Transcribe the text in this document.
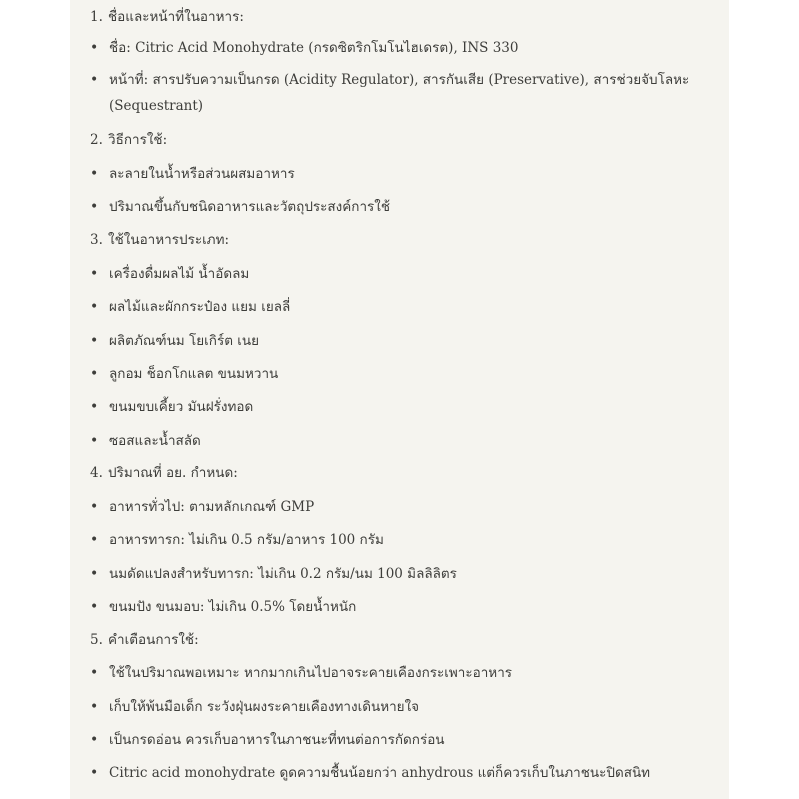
1. ชื่อและหน้าที่ในอาหาร:
• ชื่อ: Citric Acid Monohydrate (กรดซิตริกโมโนไฮเดรต), INS 330
• หน้าที่: สารปรับความเป็นกรด (Acidity Regulator), สารกันเสีย (Preservative), สารช่วยจับโลหะ (Sequestrant)
2. วิธีการใช้:
• ละลายในน้ำหรือส่วนผสมอาหาร
• ปริมาณขึ้นกับชนิดอาหารและวัตถุประสงค์การใช้
3. ใช้ในอาหารประเภท:
• เครื่องดื่มผลไม้ น้ำอัดลม
• ผลไม้และผักกระป๋อง แยม เยลลี่
• ผลิตภัณฑ์นม โยเกิร์ต เนย
• ลูกอม ช็อกโกแลต ขนมหวาน
• ขนมขบเคี้ยว มันฝรั่งทอด
• ซอสและน้ำสลัด
4. ปริมาณที่ อย. กำหนด:
• อาหารทั่วไป: ตามหลักเกณฑ์ GMP
• อาหารทารก: ไม่เกิน 0.5 กรัม/อาหาร 100 กรัม
• นมดัดแปลงสำหรับทารก: ไม่เกิน 0.2 กรัม/นม 100 มิลลิลิตร
• ขนมปัง ขนมอบ: ไม่เกิน 0.5% โดยน้ำหนัก
5. คำเตือนการใช้:
• ใช้ในปริมาณพอเหมาะ หากมากเกินไปอาจระคายเคืองกระเพาะอาหาร
• เก็บให้พ้นมือเด็ก ระวังฝุ่นผงระคายเคืองทางเดินหายใจ
• เป็นกรดอ่อน ควรเก็บอาหารในภาชนะที่ทนต่อการกัดกร่อน
• Citric acid monohydrate ดูดความชื้นน้อยกว่า anhydrous แต่ก็ควรเก็บในภาชนะปิดสนิท
